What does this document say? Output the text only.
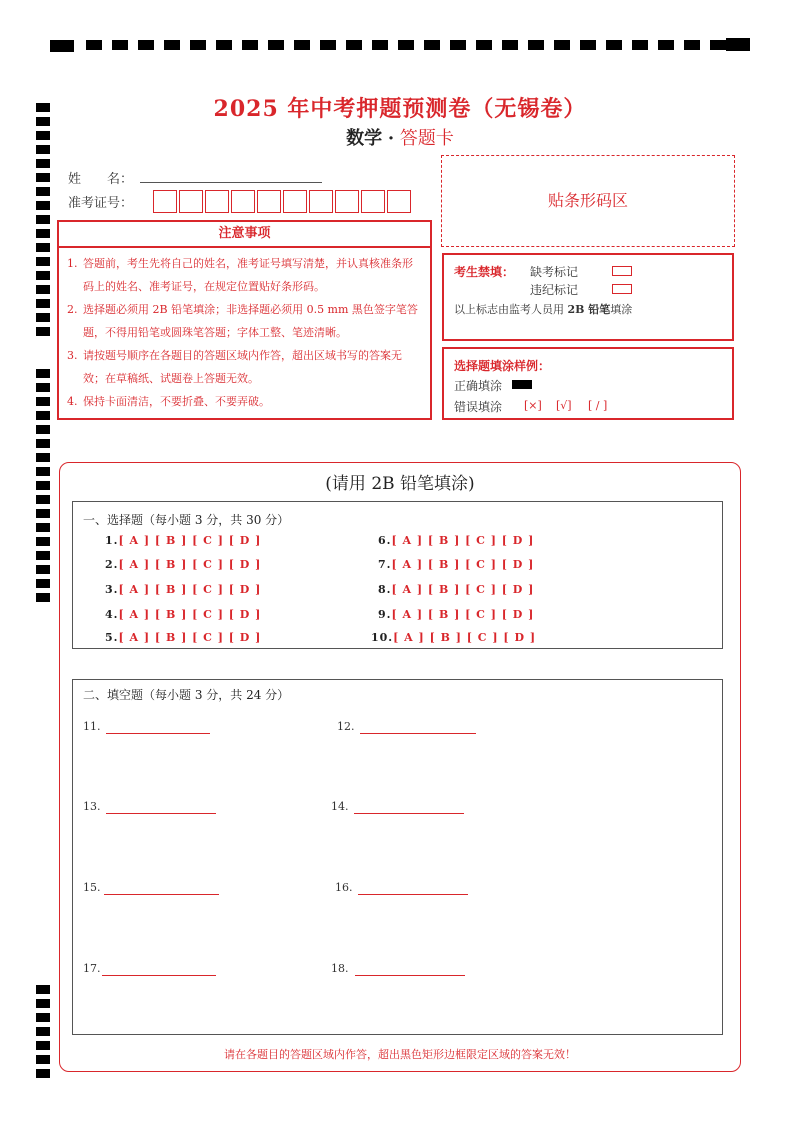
2025 年中考押题预测卷（无锡卷）
数学 · 答题卡
姓　　名：
准考证号：	贴条形码区
注意事项
1. 答题前，考生先将自己的姓名，准考证号填写清楚，并认真核准条形码上的姓名、准考证号，在规定位置贴好条形码。
2. 选择题必须用 2B 铅笔填涂；非选择题必须用 0.5 mm 黑色签字笔答题，不得用铅笔或圆珠笔答题；字体工整、笔迹清晰。
3. 请按题号顺序在各题目的答题区域内作答，超出区域书写的答案无效；在草稿纸、试题卷上答题无效。
4. 保持卡面清洁，不要折叠、不要弄破。
考生禁填： 缺考标记
违纪标记
以上标志由监考人员用 2B 铅笔填涂
选择题填涂样例：
正确填涂
错误填涂 [×] [√] [ / ]
(请用 2B 铅笔填涂)
一、选择题（每小题 3 分，共 30 分）
1.[ A ] [ B ] [ C ] [ D ]
2.[ A ] [ B ] [ C ] [ D ]
3.[ A ] [ B ] [ C ] [ D ]
4.[ A ] [ B ] [ C ] [ D ]
5.[ A ] [ B ] [ C ] [ D ]
6.[ A ] [ B ] [ C ] [ D ]
7.[ A ] [ B ] [ C ] [ D ]
8.[ A ] [ B ] [ C ] [ D ]
9.[ A ] [ B ] [ C ] [ D ]
10.[ A ] [ B ] [ C ] [ D ]
二、填空题（每小题 3 分，共 24 分）
11.	12.
13.	14.
15.	16.
17.	18.
请在各题目的答题区域内作答，超出黑色矩形边框限定区域的答案无效！
